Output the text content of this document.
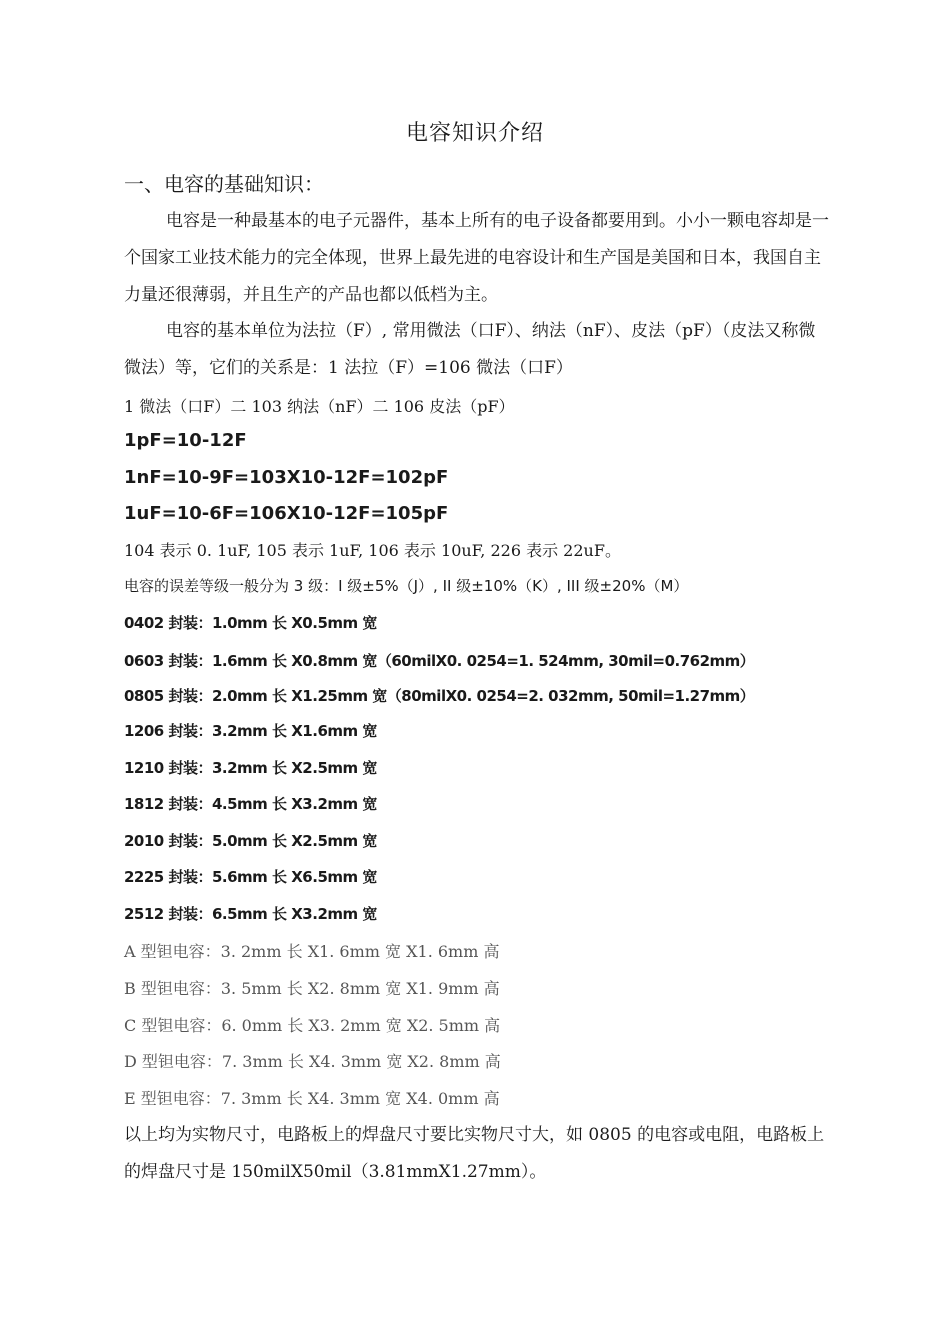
电容知识介绍
一、电容的基础知识：
电容是一种最基本的电子元器件，基本上所有的电子设备都要用到。小小一颗电容却是一个国家工业技术能力的完全体现，世界上最先进的电容设计和生产国是美国和日本，我国自主力量还很薄弱，并且生产的产品也都以低档为主。
电容的基本单位为法拉（F）, 常用微法（口F）、纳法（nF）、皮法（pF）（皮法又称微微法）等，它们的关系是：1 法拉（F）=106 微法（口F）
1 微法（口F）二 103 纳法（nF）二 106 皮法（pF）
1pF=10-12F
1nF=10-9F=103X10-12F=102pF
1uF=10-6F=106X10-12F=105pF
104 表示 0. 1uF, 105 表示 1uF, 106 表示 10uF, 226 表示 22uF。
电容的误差等级一般分为 3 级：I 级±5%（J）, II 级±10%（K）, III 级±20%（M）
0402 封装：1.0mm 长 X0.5mm 宽
0603 封装：1.6mm 长 X0.8mm 宽（60milX0. 0254=1. 524mm, 30mil=0.762mm）
0805 封装：2.0mm 长 X1.25mm 宽（80milX0. 0254=2. 032mm, 50mil=1.27mm）
1206 封装：3.2mm 长 X1.6mm 宽
1210 封装：3.2mm 长 X2.5mm 宽
1812 封装：4.5mm 长 X3.2mm 宽
2010 封装：5.0mm 长 X2.5mm 宽
2225 封装：5.6mm 长 X6.5mm 宽
2512 封装：6.5mm 长 X3.2mm 宽
A 型钽电容：3. 2mm 长 X1. 6mm 宽 X1. 6mm 高
B 型钽电容：3. 5mm 长 X2. 8mm 宽 X1. 9mm 高
C 型钽电容：6. 0mm 长 X3. 2mm 宽 X2. 5mm 高
D 型钽电容：7. 3mm 长 X4. 3mm 宽 X2. 8mm 高
E 型钽电容：7. 3mm 长 X4. 3mm 宽 X4. 0mm 高
以上均为实物尺寸，电路板上的焊盘尺寸要比实物尺寸大，如 0805 的电容或电阻，电路板上的焊盘尺寸是 150milX50mil（3.81mmX1.27mm）。
